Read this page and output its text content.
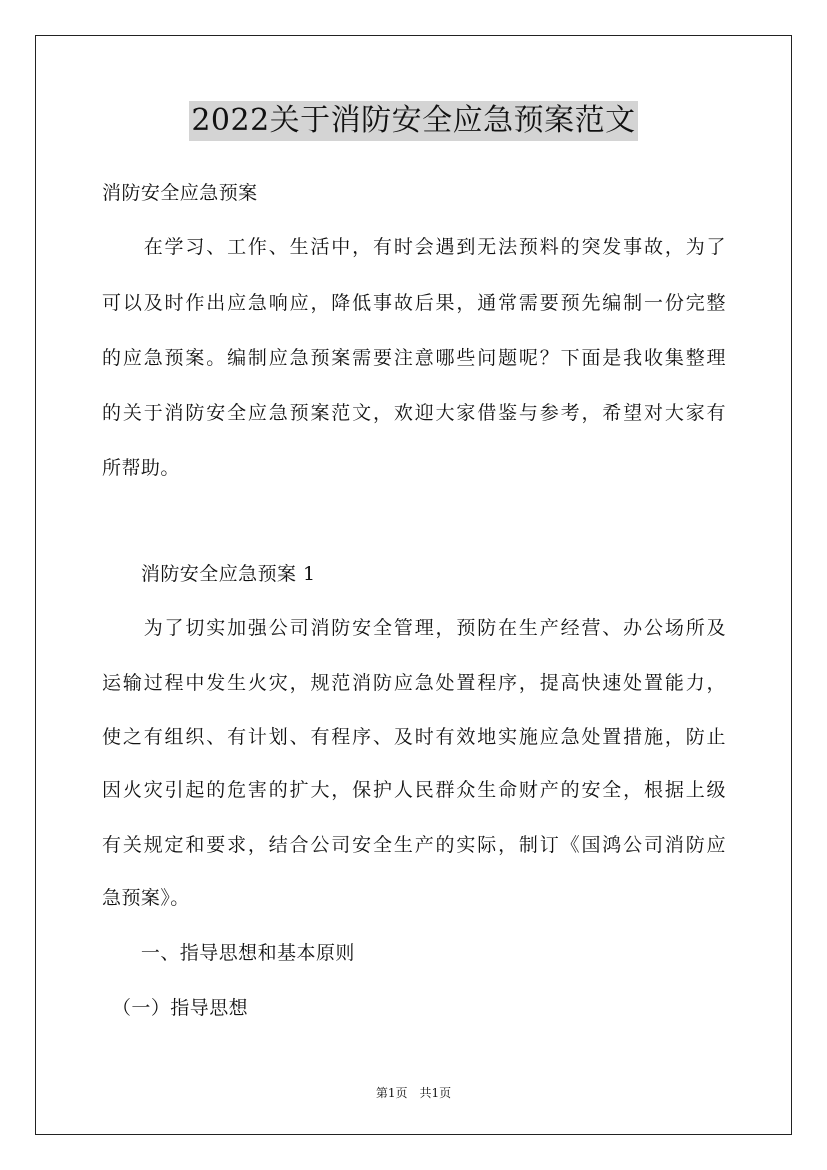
2022关于消防安全应急预案范文
消防安全应急预案
　　在学习、工作、生活中，有时会遇到无法预料的突发事故，为了
可以及时作出应急响应，降低事故后果，通常需要预先编制一份完整
的应急预案。编制应急预案需要注意哪些问题呢？下面是我收集整理
的关于消防安全应急预案范文，欢迎大家借鉴与参考，希望对大家有
所帮助。
　　消防安全应急预案 1
　　为了切实加强公司消防安全管理，预防在生产经营、办公场所及
运输过程中发生火灾，规范消防应急处置程序，提高快速处置能力，
使之有组织、有计划、有程序、及时有效地实施应急处置措施，防止
因火灾引起的危害的扩大，保护人民群众生命财产的安全，根据上级
有关规定和要求，结合公司安全生产的实际，制订《国鸿公司消防应
急预案》。
　　一、指导思想和基本原则
　（一）指导思想
第1页　共1页
